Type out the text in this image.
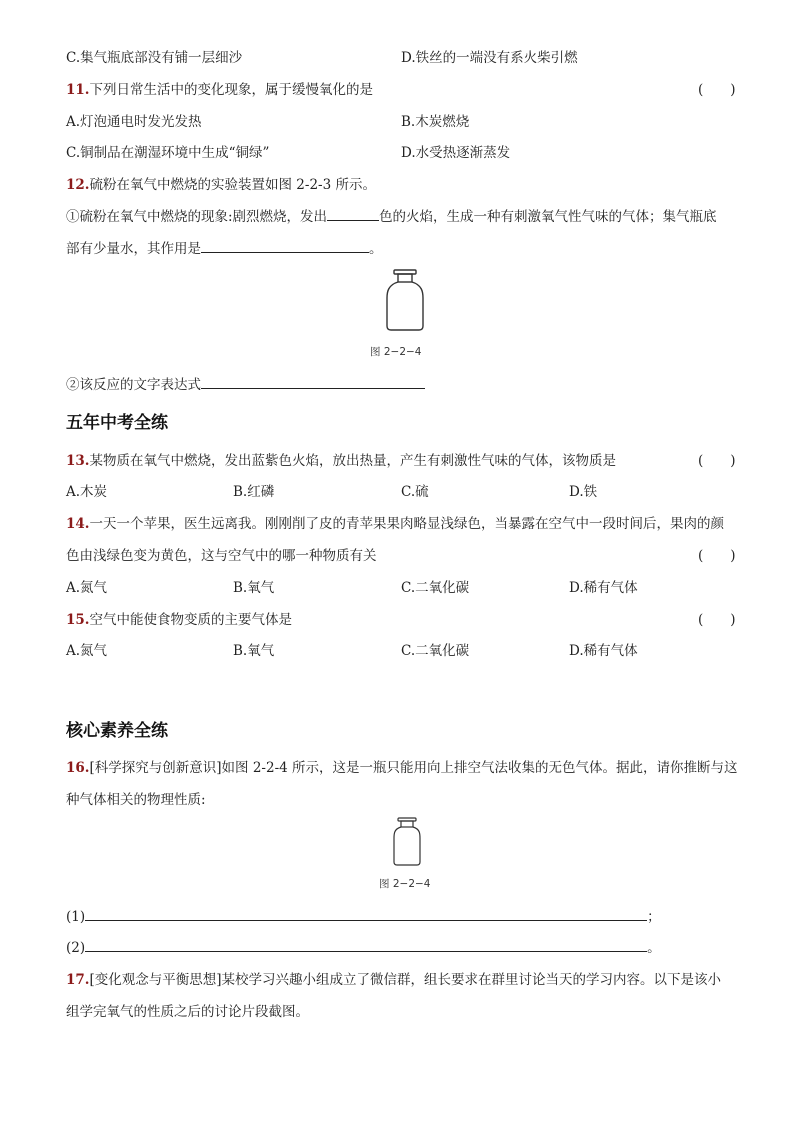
C.集气瓶底部没有铺一层细沙	D.铁丝的一端没有系火柴引燃
11.下列日常生活中的变化现象，属于缓慢氧化的是	(　　)
A.灯泡通电时发光发热	B.木炭燃烧
C.铜制品在潮湿环境中生成“铜绿”	D.水受热逐渐蒸发
12.硫粉在氧气中燃烧的实验装置如图 2-2-3 所示。
①硫粉在氧气中燃烧的现象:剧烈燃烧，发出	色的火焰，生成一种有刺激氧气性气味的气体；集气瓶底
部有少量水，其作用是	。
图 2−2−4
②该反应的文字表达式
五年中考全练
13.某物质在氧气中燃烧，发出蓝紫色火焰，放出热量，产生有刺激性气味的气体，该物质是	(　　)
A.木炭	B.红磷	C.硫	D.铁
14.一天一个苹果，医生远离我。刚刚削了皮的青苹果果肉略显浅绿色，当暴露在空气中一段时间后，果肉的颜
色由浅绿色变为黄色，这与空气中的哪一种物质有关	(　　)
A.氮气	B.氧气	C.二氧化碳	D.稀有气体
15.空气中能使食物变质的主要气体是	(　　)
A.氮气	B.氧气	C.二氧化碳	D.稀有气体
核心素养全练
16.[科学探究与创新意识]如图 2-2-4 所示，这是一瓶只能用向上排空气法收集的无色气体。据此，请你推断与这
种气体相关的物理性质:
图 2−2−4
(1)	；
(2)	。
17.[变化观念与平衡思想]某校学习兴趣小组成立了微信群，组长要求在群里讨论当天的学习内容。以下是该小
组学完氧气的性质之后的讨论片段截图。
